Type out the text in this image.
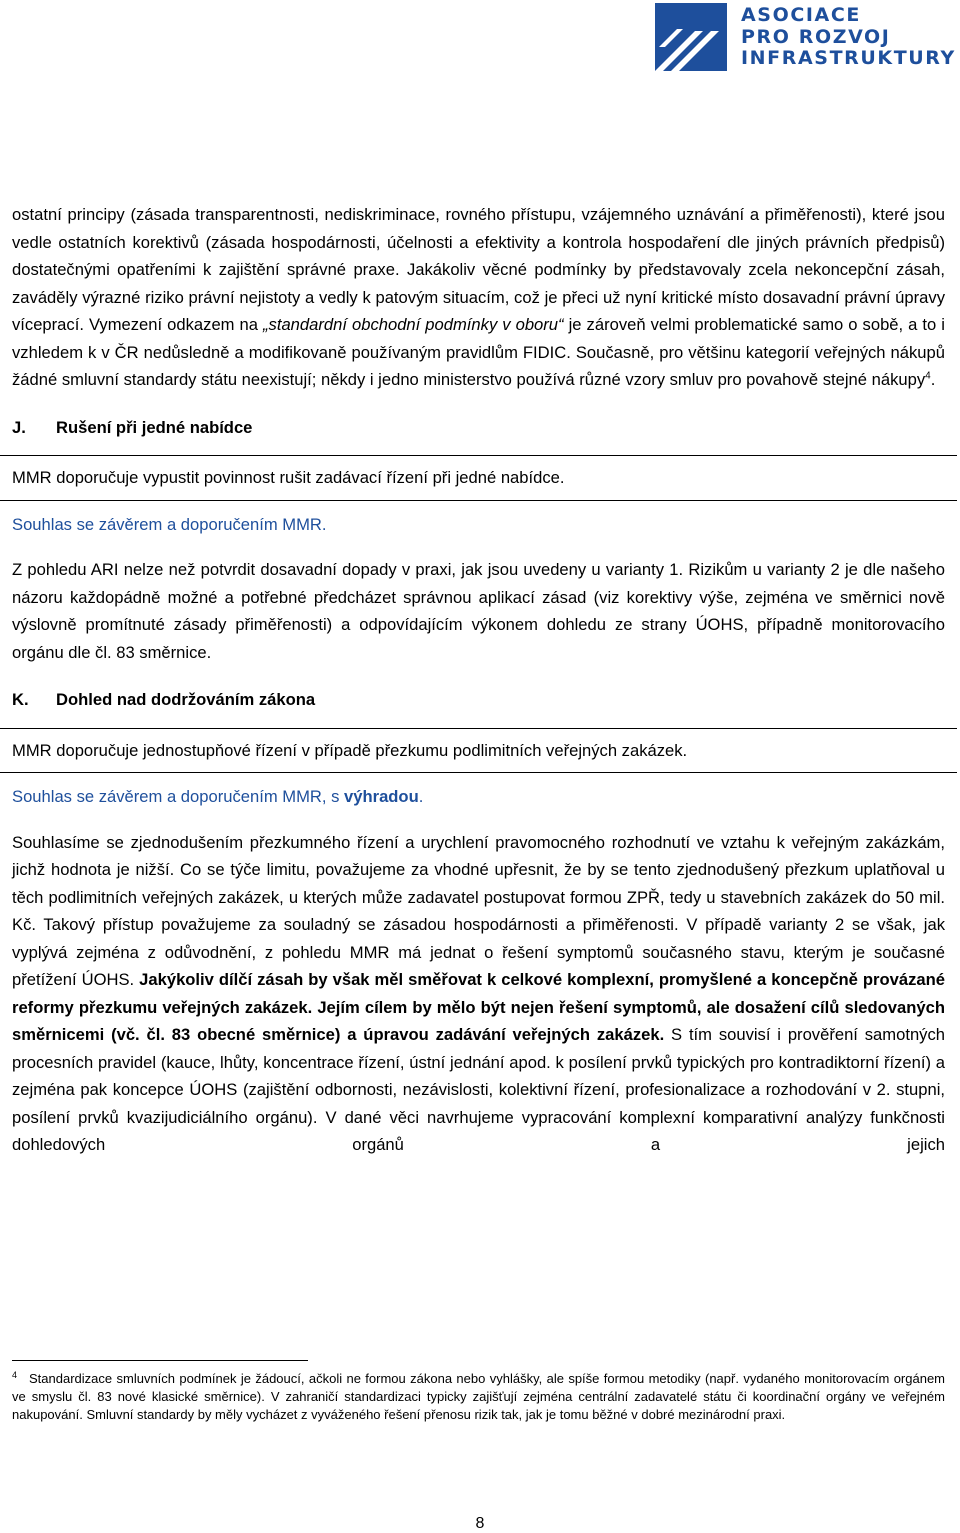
ASOCIACE
PRO ROZVOJ
INFRASTRUKTURY

ostatní principy (zásada transparentnosti, nediskriminace, rovného přístupu, vzájemného uznávání a přiměřenosti), které jsou vedle ostatních korektivů (zásada hospodárnosti, účelnosti a efektivity a kontrola hospodaření dle jiných právních předpisů) dostatečnými opatřeními k zajištění správné praxe. Jakákoliv věcné podmínky by představovaly zcela nekoncepční zásah, zaváděly výrazné riziko právní nejistoty a vedly k patovým situacím, což je přeci už nyní kritické místo dosavadní právní úpravy víceprací. Vymezení odkazem na „standardní obchodní podmínky v oboru“ je zároveň velmi problematické samo o sobě, a to i vzhledem k v ČR nedůsledně a modifikovaně používaným pravidlům FIDIC. Současně, pro většinu kategorií veřejných nákupů žádné smluvní standardy státu neexistují; někdy i jedno ministerstvo používá různé vzory smluv pro povahově stejné nákupy$^4$.

J. Rušení při jedné nabídce
MMR doporučuje vypustit povinnost rušit zadávací řízení při jedné nabídce.

Souhlas se závěrem a doporučením MMR.

Z pohledu ARI nelze než potvrdit dosavadní dopady v praxi, jak jsou uvedeny u varianty 1. Rizikům u varianty 2 je dle našeho názoru každopádně možné a potřebné předcházet správnou aplikací zásad (viz korektivy výše, zejména ve směrnici nově výslovně promítnuté zásady přiměřenosti) a odpovídajícím výkonem dohledu ze strany ÚOHS, případně monitorovacího orgánu dle čl. 83 směrnice.

K. Dohled nad dodržováním zákona
MMR doporučuje jednostupňové řízení v případě přezkumu podlimitních veřejných zakázek.

Souhlas se závěrem a doporučením MMR, s výhradou.

Souhlasíme se zjednodušením přezkumného řízení a urychlení pravomocného rozhodnutí ve vztahu k veřejným zakázkám, jichž hodnota je nižší. Co se týče limitu, považujeme za vhodné upřesnit, že by se tento zjednodušený přezkum uplatňoval u těch podlimitních veřejných zakázek, u kterých může zadavatel postupovat formou ZPŘ, tedy u stavebních zakázek do 50 mil. Kč. Takový přístup považujeme za souladný se zásadou hospodárnosti a přiměřenosti. V případě varianty 2 se však, jak vyplývá zejména z odůvodnění, z pohledu MMR má jednat o řešení symptomů současného stavu, kterým je současné přetížení ÚOHS. Jakýkoliv dílčí zásah by však měl směřovat k celkové komplexní, promyšlené a koncepčně provázané reformy přezkumu veřejných zakázek. Jejím cílem by mělo být nejen řešení symptomů, ale dosažení cílů sledovaných směrnicemi (vč. čl. 83 obecné směrnice) a úpravou zadávání veřejných zakázek. S tím souvisí i prověření samotných procesních pravidel (kauce, lhůty, koncentrace řízení, ústní jednání apod. k posílení prvků typických pro kontradiktorní řízení) a zejména pak koncepce ÚOHS (zajištění odbornosti, nezávislosti, kolektivní řízení, profesionalizace a rozhodování v 2. stupni, posílení prvků kvazijudiciálního orgánu). V dané věci navrhujeme vypracování komplexní komparativní analýzy funkčnosti dohledových orgánů a jejich

$^4$ Standardizace smluvních podmínek je žádoucí, ačkoli ne formou zákona nebo vyhlášky, ale spíše formou metodiky (např. vydaného monitorovacím orgánem ve smyslu čl. 83 nové klasické směrnice). V zahraničí standardizaci typicky zajišťují zejména centrální zadavatelé státu či koordinační orgány ve veřejném nakupování. Smluvní standardy by měly vycházet z vyváženého řešení přenosu rizik tak, jak je tomu běžné v dobré mezinárodní praxi.
8
